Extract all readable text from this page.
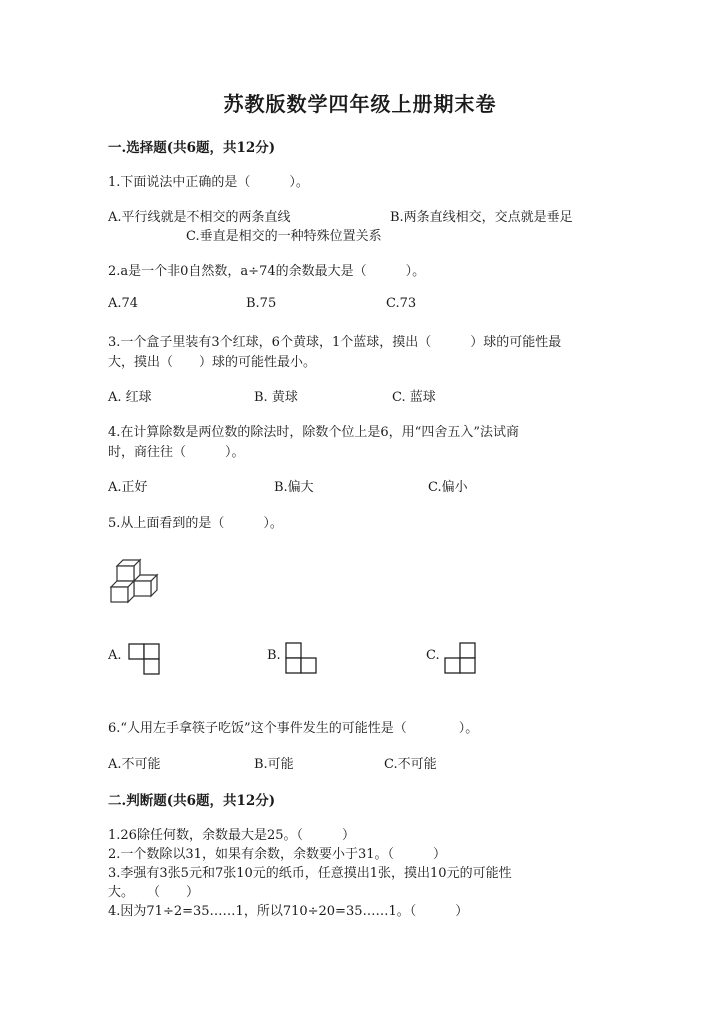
苏教版数学四年级上册期末卷
一.选择题(共6题，共12分)
1.下面说法中正确的是（　　　）。
A.平行线就是不相交的两条直线	B.两条直线相交，交点就是垂足
C.垂直是相交的一种特殊位置关系
2.a是一个非0自然数，a÷74的余数最大是（　　　）。
A.74	B.75	C.73
3.一个盒子里装有3个红球，6个黄球，1个蓝球，摸出（　　　）球的可能性最
大，摸出（　　）球的可能性最小。
A. 红球	B. 黄球	C. 蓝球
4.在计算除数是两位数的除法时，除数个位上是6，用“四舍五入”法试商
时，商往往（　　　）。
A.正好	B.偏大	C.偏小
5.从上面看到的是（　　　）。
A.	B.	C.
6.“人用左手拿筷子吃饭”这个事件发生的可能性是（　　　　）。
A.不可能	B.可能	C.不可能
二.判断题(共6题，共12分)
1.26除任何数，余数最大是25。（　　　）
2.一个数除以31，如果有余数，余数要小于31。（　　　）
3.李强有3张5元和7张10元的纸币，任意摸出1张，摸出10元的可能性
大。　　（　　）
4.因为71÷2=35……1，所以710÷20=35……1。（　　　）
